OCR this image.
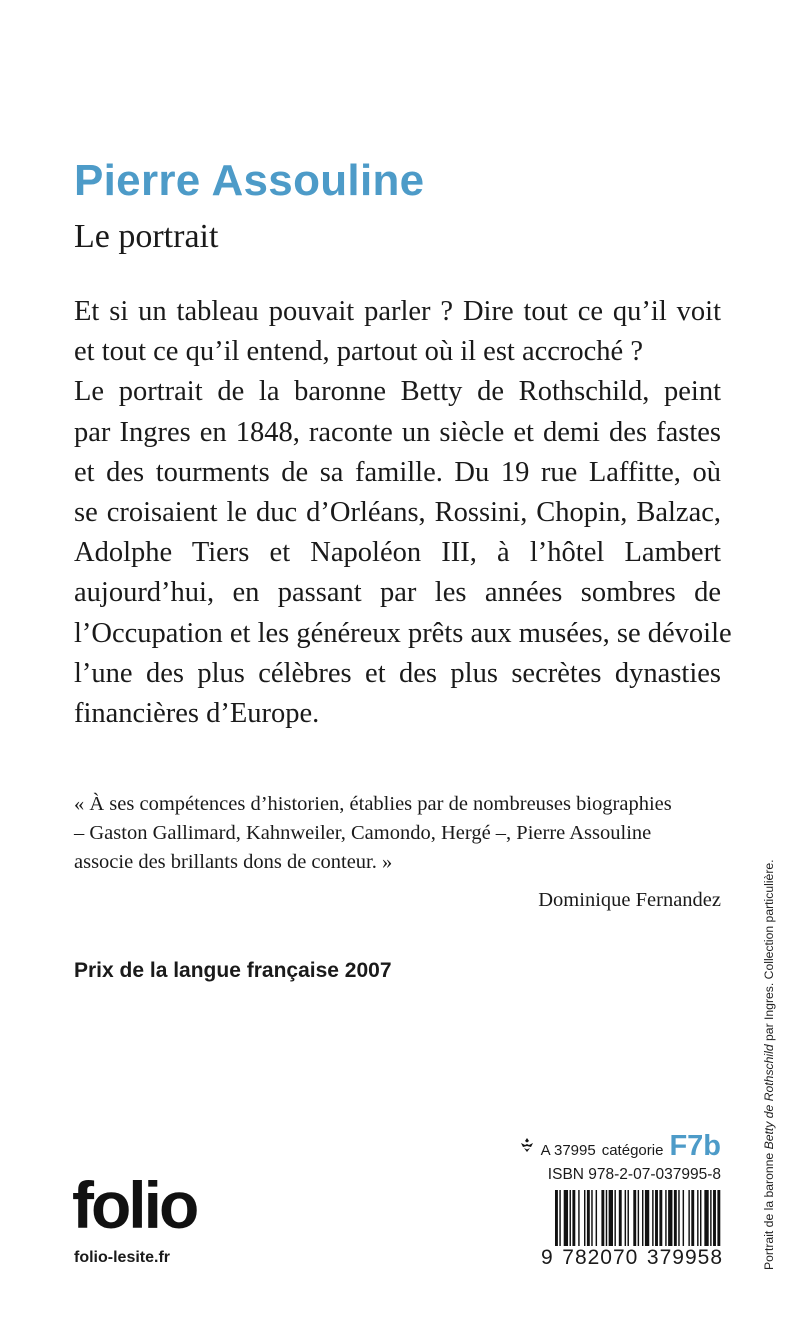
Pierre Assouline
Le portrait
Et si un tableau pouvait parler ? Dire tout ce qu’il voit
et tout ce qu’il entend, partout où il est accroché ?
Le portrait de la baronne Betty de Rothschild, peint
par Ingres en 1848, raconte un siècle et demi des fastes
et des tourments de sa famille. Du 19 rue Laffitte, où
se croisaient le duc d’Orléans, Rossini, Chopin, Balzac,
Adolphe Tiers et Napoléon III, à l’hôtel Lambert
aujourd’hui, en passant par les années sombres de
l’Occupation et les généreux prêts aux musées, se dévoile
l’une des plus célèbres et des plus secrètes dynasties
financières d’Europe.
« À ses compétences d’historien, établies par de nombreuses biographies
– Gaston Gallimard, Kahnweiler, Camondo, Hergé –, Pierre Assouline
associe des brillants dons de conteur. »
Dominique Fernandez
Prix de la langue française 2007
Portrait de la baronne Betty de Rothschild par Ingres. Collection particulière.
folio
folio-lesite.fr
A 37995 catégorie F7b
ISBN 978-2-07-037995-8
9 782070 379958
